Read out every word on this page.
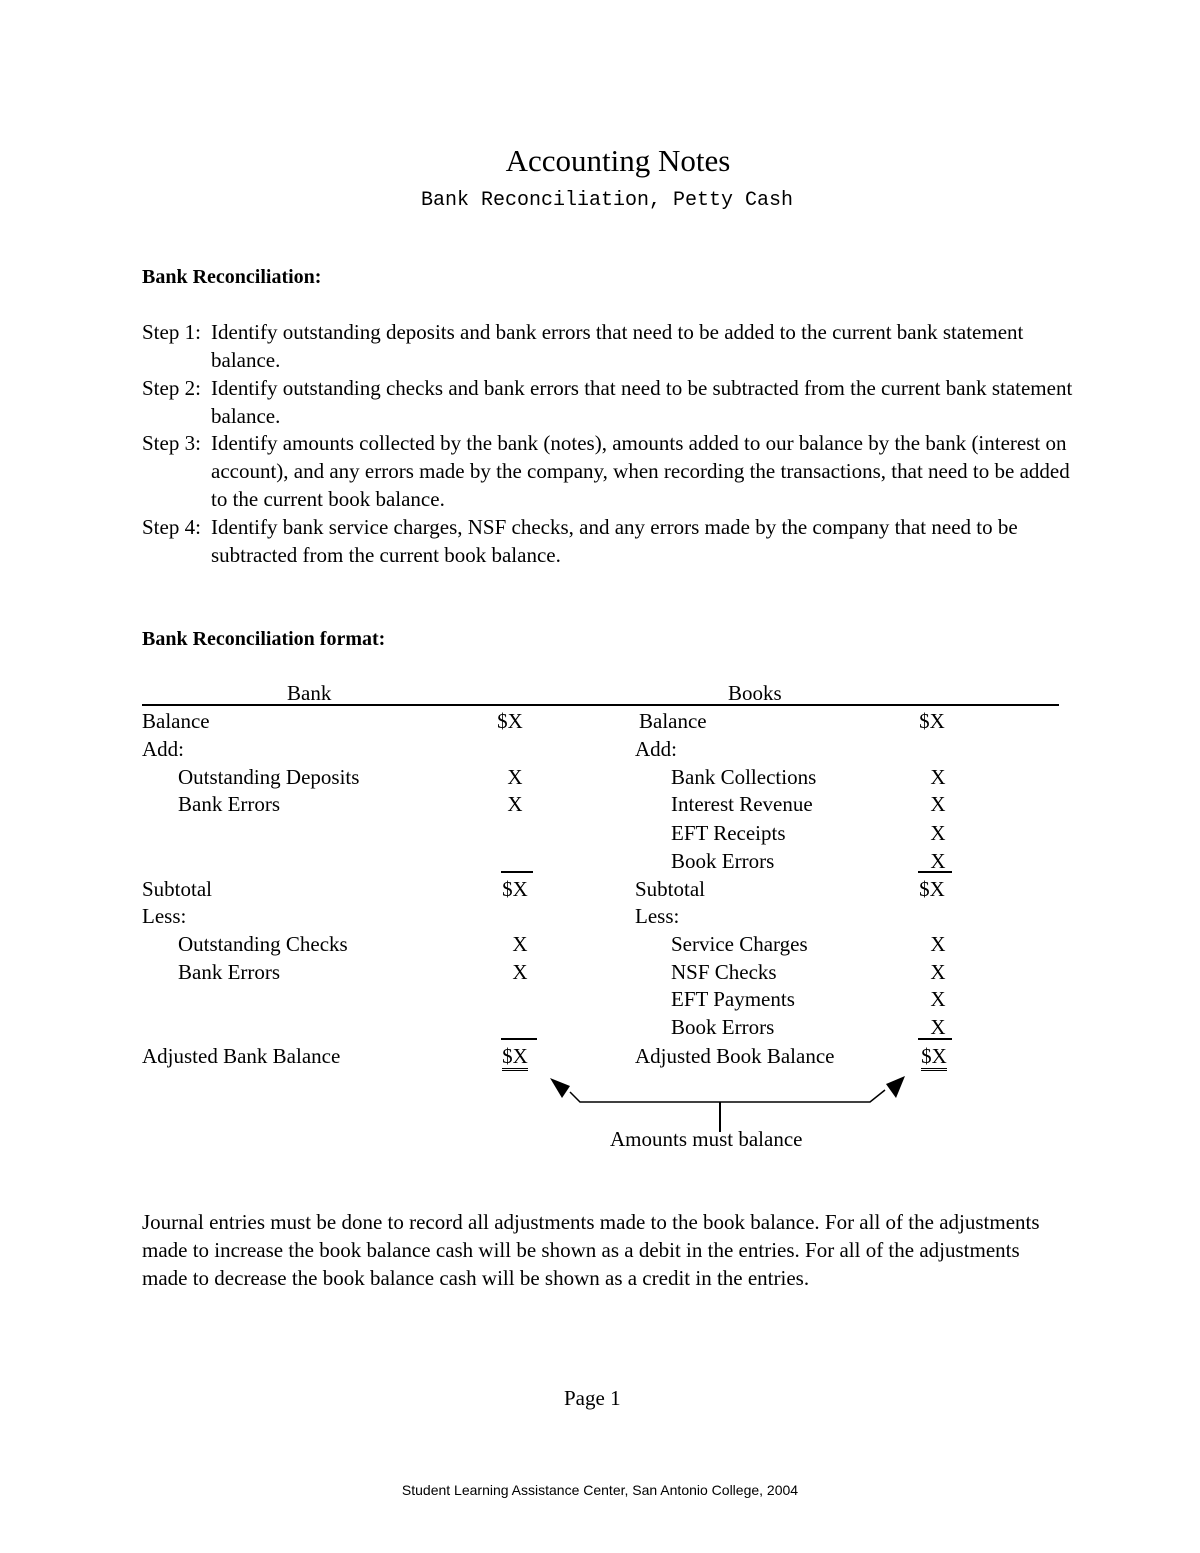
Accounting Notes
Bank Reconciliation, Petty Cash
Bank Reconciliation:
Step 1: Identify outstanding deposits and bank errors that need to be added to the current bank statement balance.
Step 2: Identify outstanding checks and bank errors that need to be subtracted from the current bank statement balance.
Step 3: Identify amounts collected by the bank (notes), amounts added to our balance by the bank (interest on account), and any errors made by the company, when recording the transactions, that need to be added to the current book balance.
Step 4: Identify bank service charges, NSF checks, and any errors made by the company that need to be subtracted from the current book balance.
Bank Reconciliation format:
Bank	Books
Balance	$X
Add:
Outstanding Deposits	X
Bank Errors	X
Subtotal	$X
Less:
Outstanding Checks	X
Bank Errors	X
Adjusted Bank Balance	$X
Balance	$X
Add:
Bank Collections	X
Interest Revenue	X
EFT Receipts	X
Book Errors	X
Subtotal	$X
Less:
Service Charges	X
NSF Checks	X
EFT Payments	X
Book Errors	X
Adjusted Book Balance	$X
Amounts must balance
Journal entries must be done to record all adjustments made to the book balance. For all of the adjustments made to increase the book balance cash will be shown as a debit in the entries. For all of the adjustments made to decrease the book balance cash will be shown as a credit in the entries.
Page 1
Student Learning Assistance Center, San Antonio College, 2004
